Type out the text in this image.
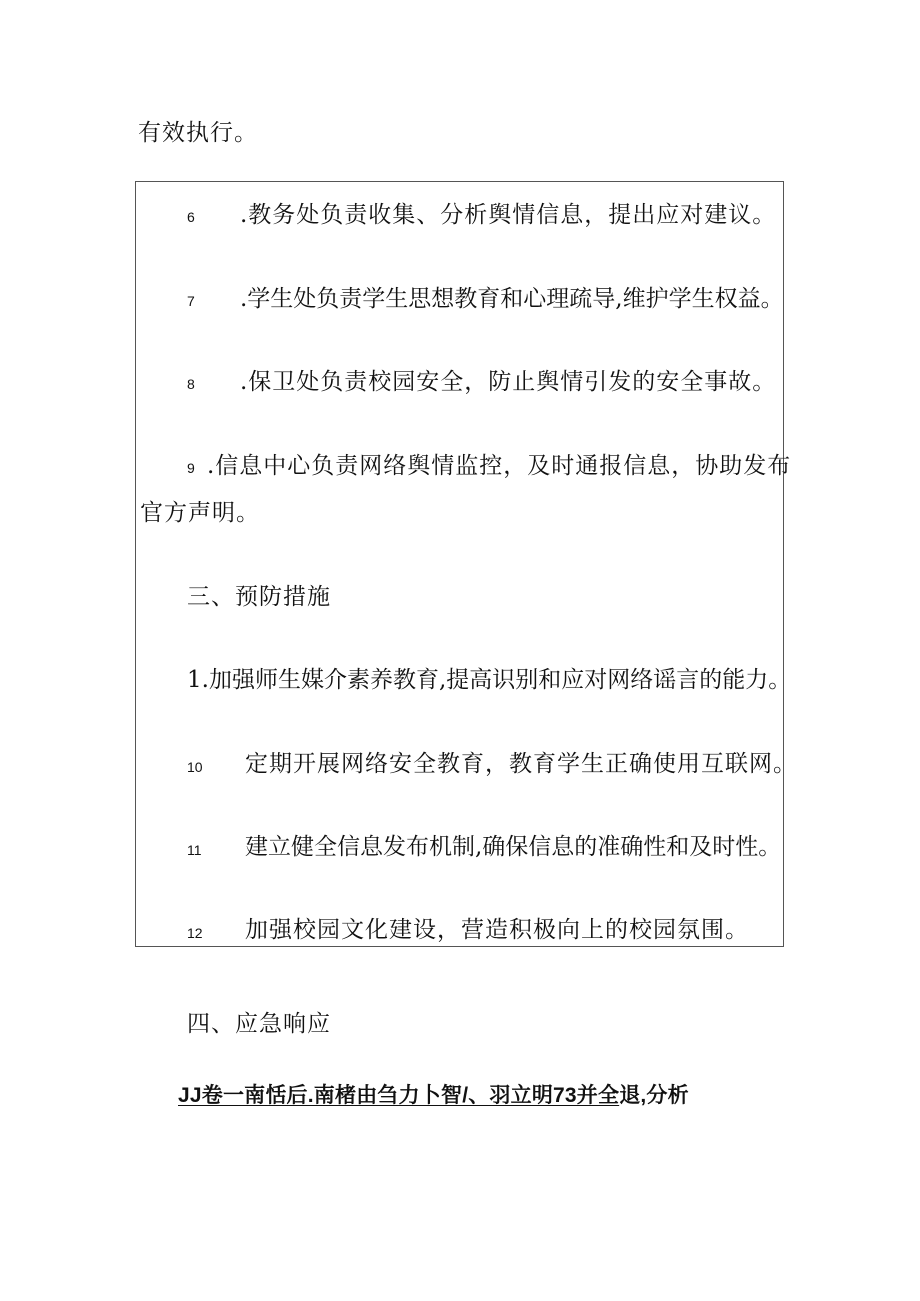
有效执行。
6 .教务处负责收集、分析舆情信息，提出应对建议。
7 .学生处负责学生思想教育和心理疏导,维护学生权益。
8 .保卫处负责校园安全，防止舆情引发的安全事故。
9 .信息中心负责网络舆情监控，及时通报信息，协助发布
官方声明。
三、预防措施
1.加强师生媒介素养教育,提高识别和应对网络谣言的能力。
10 定期开展网络安全教育，教育学生正确使用互联网。
11 建立健全信息发布机制,确保信息的准确性和及时性。
12 加强校园文化建设，营造积极向上的校园氛围。
四、应急响应
JJ卷一南恬后.南楮由刍力卜智/、羽立明73并全退,分析
